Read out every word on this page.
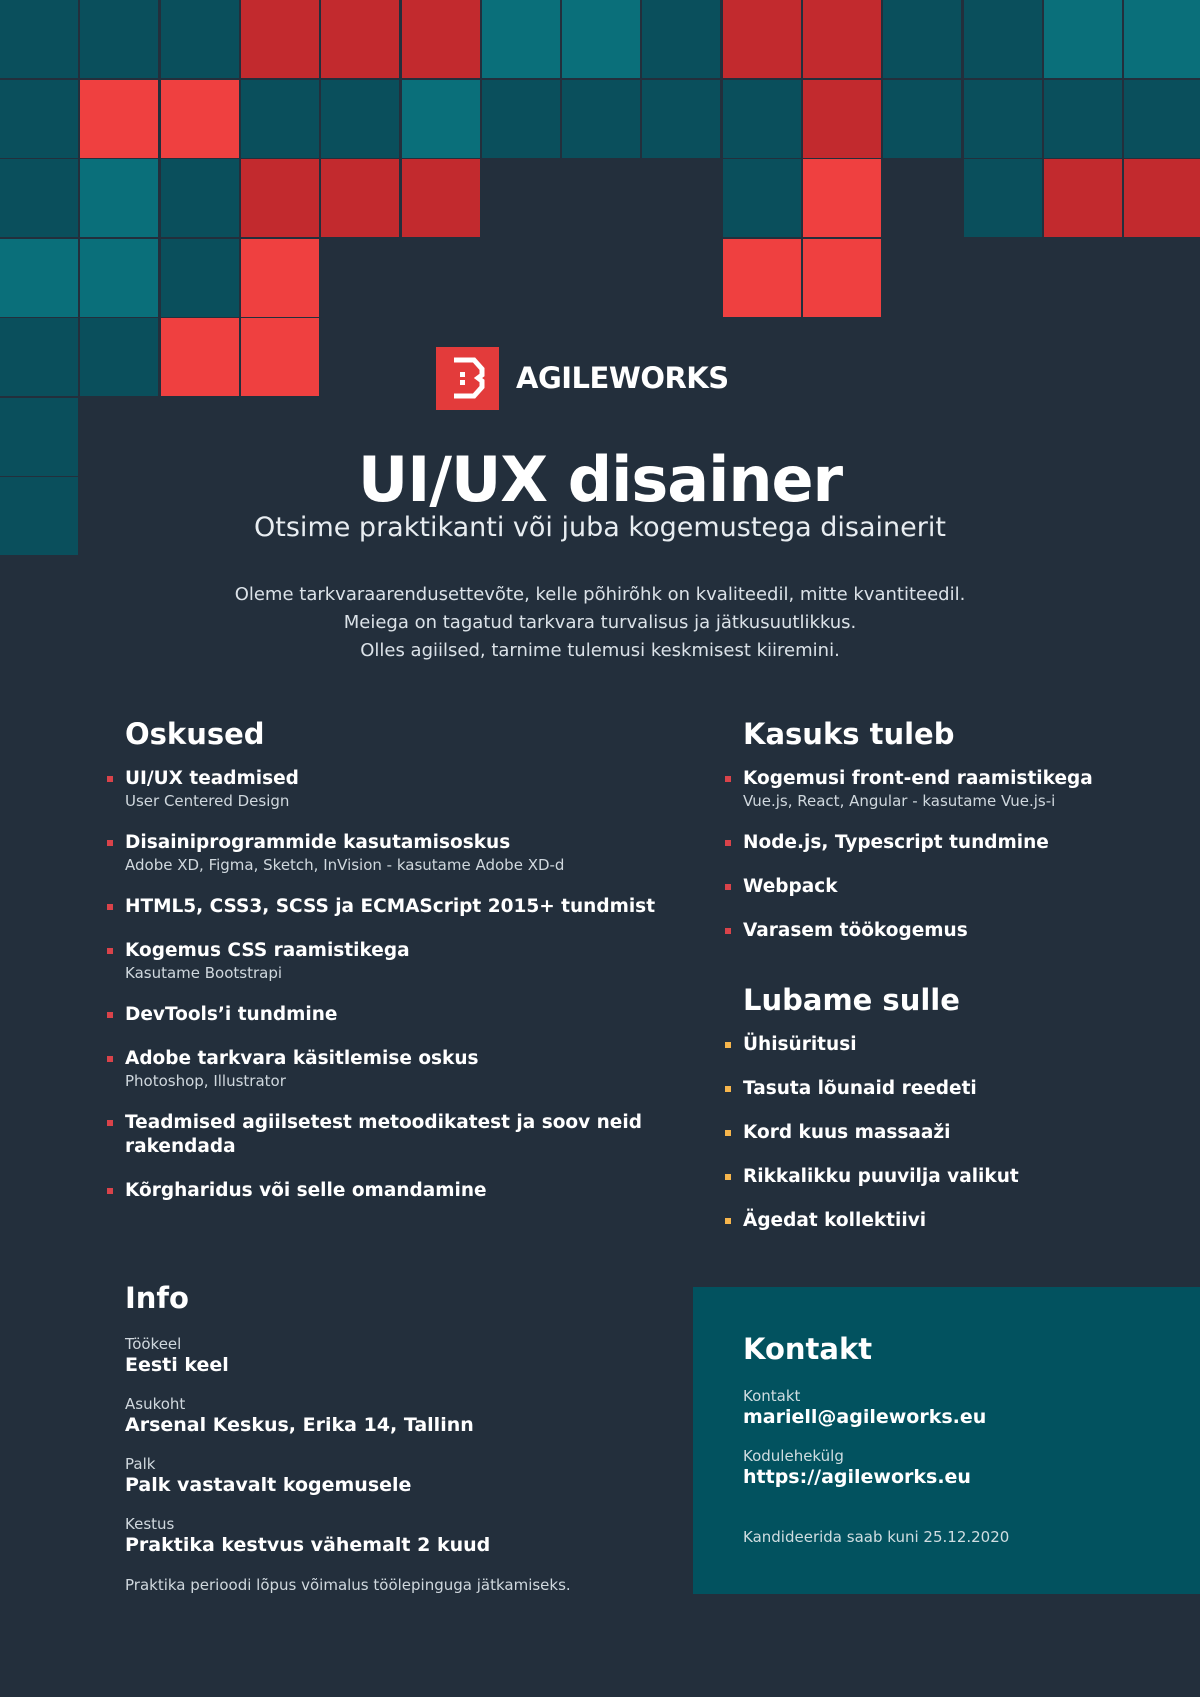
AGILEWORKS
UI/UX disainer
Otsime praktikanti või juba kogemustega disainerit
Oleme tarkvaraarendusettevõte, kelle põhirõhk on kvaliteedil, mitte kvantiteedil.
Meiega on tagatud tarkvara turvalisus ja jätkusuutlikkus.
Olles agiilsed, tarnime tulemusi keskmisest kiiremini.
Oskused
UI/UX teadmised
User Centered Design
Disainiprogrammide kasutamisoskus
Adobe XD, Figma, Sketch, InVision - kasutame Adobe XD-d
HTML5, CSS3, SCSS ja ECMAScript 2015+ tundmist
Kogemus CSS raamistikega
Kasutame Bootstrapi
DevTools’i tundmine
Adobe tarkvara käsitlemise oskus
Photoshop, Illustrator
Teadmised agiilsetest metoodikatest ja soov neid rakendada
Kõrgharidus või selle omandamine
Kasuks tuleb
Kogemusi front-end raamistikega
Vue.js, React, Angular - kasutame Vue.js-i
Node.js, Typescript tundmine
Webpack
Varasem töökogemus
Lubame sulle
Ühisüritusi
Tasuta lõunaid reedeti
Kord kuus massaaži
Rikkalikku puuvilja valikut
Ägedat kollektiivi
Info
Töökeel
Eesti keel
Asukoht
Arsenal Keskus, Erika 14, Tallinn
Palk
Palk vastavalt kogemusele
Kestus
Praktika kestvus vähemalt 2 kuud
Praktika perioodi lõpus võimalus töölepinguga jätkamiseks.
Kontakt
Kontakt
mariell@agileworks.eu
Kodulehekülg
https://agileworks.eu
Kandideerida saab kuni 25.12.2020
